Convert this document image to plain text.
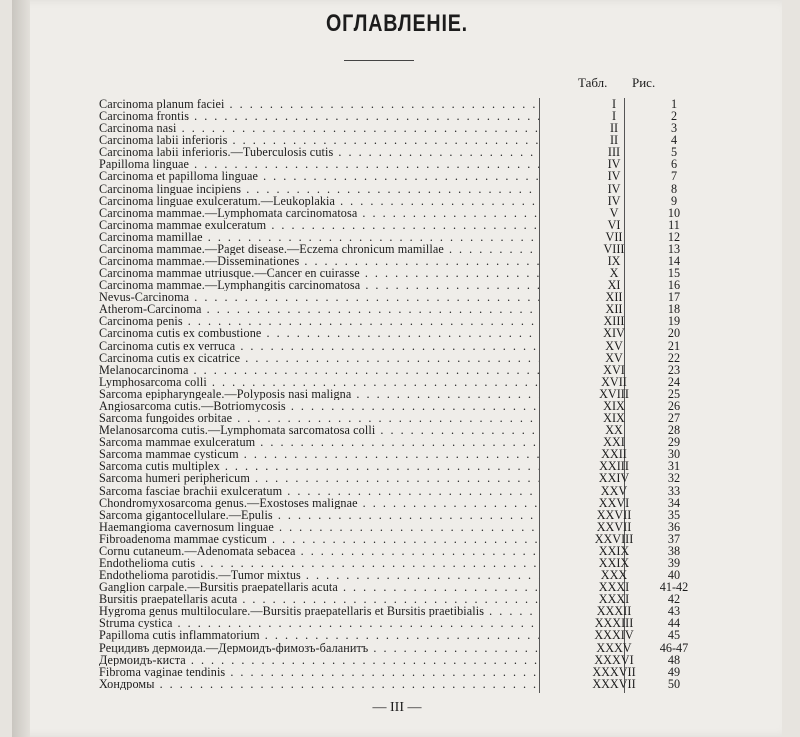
ОГЛАВЛЕНIЕ.
Табл. Рис.
Carcinoma planum faciei . . .	I	1
Carcinoma frontis . . .	I	2
Carcinoma nasi . . .	II	3
Carcinoma labii inferioris . . .	II	4
Carcinoma labii inferioris.—Tuberculosis cutis . . .	III	5
Papilloma linguae . . .	IV	6
Carcinoma et papilloma linguae . . .	IV	7
Carcinoma linguae incipiens . . .	IV	8
Carcinoma linguae exulceratum.—Leukoplakia . . .	IV	9
Carcinoma mammae.—Lymphomata carcinomatosa . . .	V	10
Carcinoma mammae exulceratum . . .	VI	11
Carcinoma mamillae . . .	VII	12
Carcinoma mammae.—Paget disease.—Eczema chronicum mamillae . . .	VIII	13
Carcinoma mammae.—Disseminationes . . .	IX	14
Carcinoma mammae utriusque.—Cancer en cuirasse . . .	X	15
Carcinoma mammae.—Lymphangitis carcinomatosa . . .	XI	16
Nevus-Carcinoma . . .	XII	17
Atherom-Carcinoma . . .	XII	18
Carcinoma penis . . .	XIII	19
Carcinoma cutis ex combustione . . .	XIV	20
Carcinoma cutis ex verruca . . .	XV	21
Carcinoma cutis ex cicatrice . . .	XV	22
Melanocarcinoma . . .	XVI	23
Lymphosarcoma colli . . .	XVII	24
Sarcoma epipharyngeale.—Polyposis nasi maligna . . .	XVIII	25
Angiosarcoma cutis.—Botriomycosis . . .	XIX	26
Sarcoma fungoides orbitae . . .	XIX	27
Melanosarcoma cutis.—Lymphomata sarcomatosa colli . . .	XX	28
Sarcoma mammae exulceratum . . .	XXI	29
Sarcoma mammae cysticum . . .	XXII	30
Sarcoma cutis multiplex . . .	XXIII	31
Sarcoma humeri periphericum . . .	XXIV	32
Sarcoma fasciae brachii exulceratum . . .	XXV	33
Chondromyxosarcoma genus.—Exostoses malignae . . .	XXVI	34
Sarcoma gigantocellulare.—Epulis . . .	XXVII	35
Haemangioma cavernosum linguae . . .	XXVII	36
Fibroadenoma mammae cysticum . . .	XXVIII	37
Cornu cutaneum.—Adenomata sebacea . . .	XXIX	38
Endothelioma cutis . . .	XXIX	39
Endothelioma parotidis.—Tumor mixtus . . .	XXX	40
Ganglion carpale.—Bursitis praepatellaris acuta . . .	XXXI	41-42
Bursitis praepatellaris acuta . . .	XXXI	42
Hygroma genus multiloculare.—Bursitis praepatellaris et Bursitis praetibialis . . .	XXXII	43
Struma cystica . . .	XXXIII	44
Papilloma cutis inflammatorium . . .	XXXIV	45
Рецидивъ дермоида.—Дермоидъ-фимозъ-баланитъ . . .	XXXV	46-47
Дермоидъ-киста . . .	XXXVI	48
Fibroma vaginae tendinis . . .	XXXVII	49
Хондромы . . .	XXXVII	50
— III —
